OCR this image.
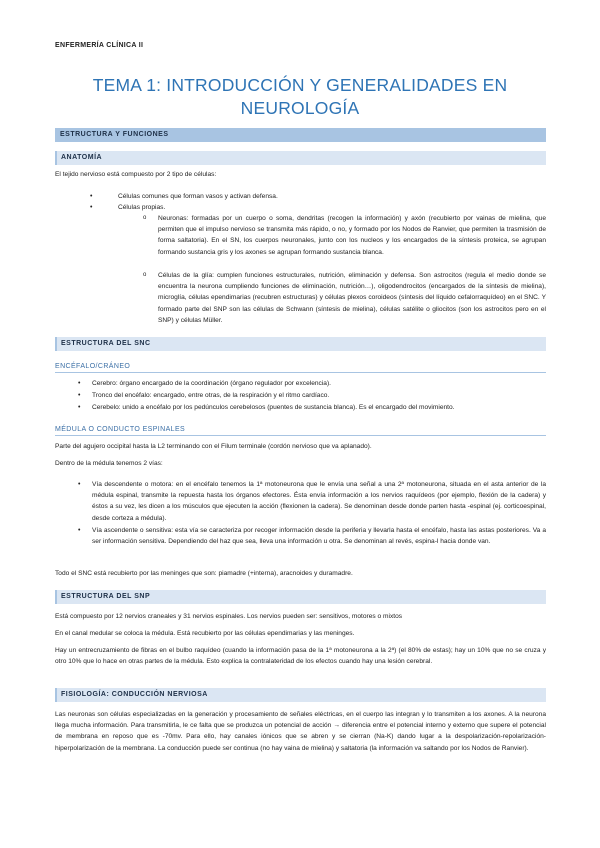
ENFERMERÍA CLÍNICA II
TEMA 1: INTRODUCCIÓN Y GENERALIDADES EN
NEUROLOGÍA
ESTRUCTURA Y FUNCIONES
ANATOMÍA
El tejido nervioso está compuesto por 2 tipo de células:
•	Células comunes que forman vasos y activan defensa.
•	Células propias.
o Neuronas: formadas por un cuerpo o soma, dendritas (recogen la información) y axón (recubierto por vainas de mielina, que permiten que el impulso nervioso se transmita más rápido, o no, y formado por los Nodos de Ranvier, que permiten la trasmisión de forma saltatoria). En el SN, los cuerpos neuronales, junto con los nucleos y los encargados de la síntesis proteica, se agrupan formando sustancia gris y los axones se agrupan formando sustancia blanca.
o Células de la glía: cumplen funciones estructurales, nutrición, eliminación y defensa. Son astrocitos (regula el medio donde se encuentra la neurona cumpliendo funciones de eliminación, nutrición…), oligodendrocitos (encargados de la síntesis de mielina), microglía, células ependimarias (recubren estructuras) y células plexos coroideos (síntesis del líquido cefalorraquídeo) en el SNC. Y formado parte del SNP son las células de Schwann (síntesis de mielina), células satélite o gliocitos (son los astrocitos pero en el SNP) y células Müller.
ESTRUCTURA DEL SNC
ENCÉFALO/CRÁNEO
• Cerebro: órgano encargado de la coordinación (órgano regulador por excelencia).
• Tronco del encéfalo: encargado, entre otras, de la respiración y el ritmo cardíaco.
• Cerebelo: unido a encéfalo por los pedúnculos cerebelosos (puentes de sustancia blanca). Es el encargado del movimiento.
MÉDULA O CONDUCTO ESPINALES
Parte del agujero occipital hasta la L2 terminando con el Filum terminale (cordón nervioso que va aplanado).
Dentro de la médula tenemos 2 vías:
• Vía descendente o motora: en el encéfalo tenemos la 1ª motoneurona que le envía una señal a una 2ª motoneurona, situada en el asta anterior de la médula espinal, transmite la repuesta hasta los órganos efectores. Ésta envía información a los nervios raquídeos (por ejemplo, flexión de la cadera) y éstos a su vez, les dicen a los músculos que ejecuten la acción (flexionen la cadera). Se denominan desde donde parten hasta -espinal (ej. corticoespinal, desde corteza a médula).
• Vía ascendente o sensitiva: esta vía se caracteriza por recoger información desde la periferia y llevarla hasta el encéfalo, hasta las astas posteriores. Va a ser información sensitiva. Dependiendo del haz que sea, lleva una información u otra. Se denominan al revés, espina-l hacia donde van.
Todo el SNC está recubierto por las meninges que son: piamadre (+interna), aracnoides y duramadre.
ESTRUCTURA DEL SNP
Está compuesto por 12 nervios craneales y 31 nervios espinales. Los nervios pueden ser: sensitivos, motores o mixtos
En el canal medular se coloca la médula. Está recubierto por las células ependimarias y las meninges.
Hay un entrecruzamiento de fibras en el bulbo raquídeo (cuando la información pasa de la 1ª motoneurona a la 2ª) (el 80% de estas); hay un 10% que no se cruza y otro 10% que lo hace en otras partes de la médula. Esto explica la contralateridad de los efectos cuando hay una lesión cerebral.
FISIOLOGÍA: CONDUCCIÓN NERVIOSA
Las neuronas son células especializadas en la generación y procesamiento de señales eléctricas, en el cuerpo las integran y lo transmiten a los axones. A la neurona llega mucha información. Para transmitirla, le ce falta que se produzca un potencial de acción → diferencia entre el potencial interno y externo que supere el potencial de membrana en reposo que es -70mv. Para ello, hay canales iónicos que se abren y se cierran (Na-K) dando lugar a la despolarización-repolarización-hiperpolarización de la membrana. La conducción puede ser continua (no hay vaina de mielina) y saltatoria (la información va saltando por los Nodos de Ranvier).
